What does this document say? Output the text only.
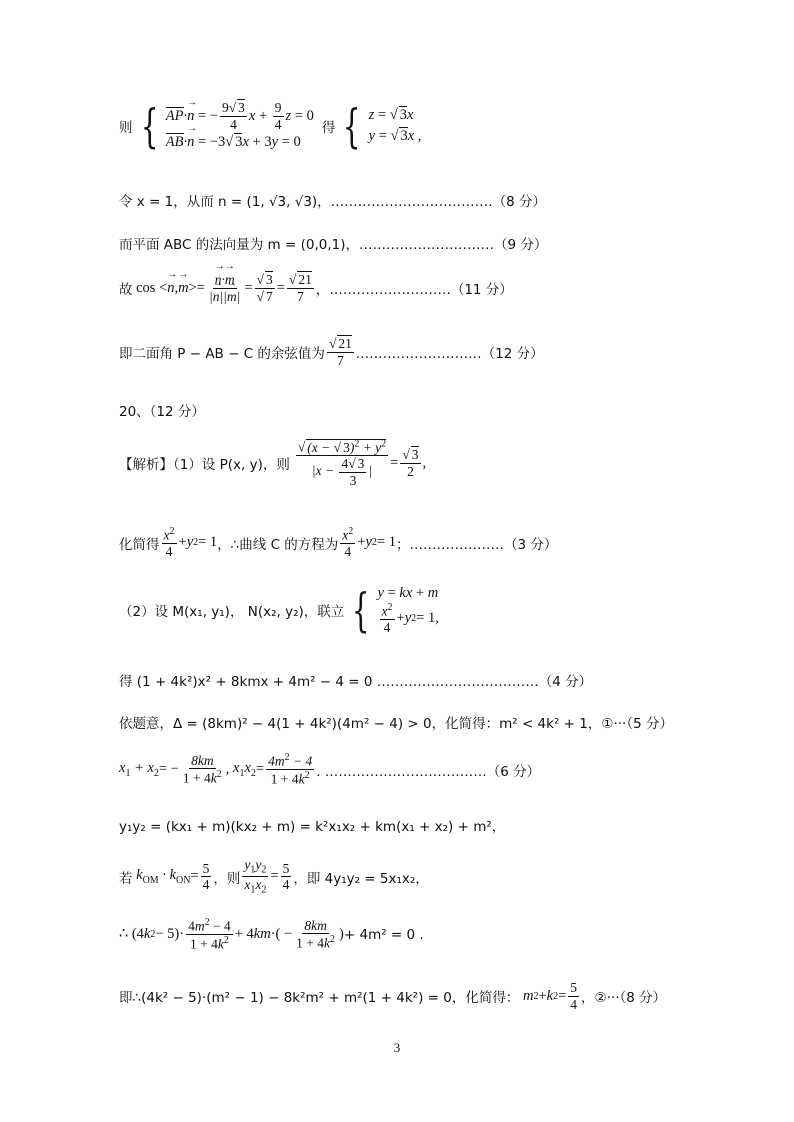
则 { AP · → n = − $\frac{9√ 3}{4}$ $x + \frac{9}{4}$ z = 0
AB·→ n = −3√ 3x + 3y = 0
得 { z = √ 3x
y = √ 3x ,
令 x = 1，从而 n = (1, √3, √3)，………………………………（8 分）
而平面 ABC 的法向量为 m = (0,0,1)，…………………………（9 分）
故 cos < → n , → m >= → $\frac{n\cdot\to m}{|\to n||\to m|} = \frac{√ 3}{√ 7} = \frac{√ 21}{7}$ ，………………………（11 分）
即二面角 P − AB − C 的余弦值为 $\frac{√ 21}{7}$ .………………………（12 分）
20、（12 分）
【解析】（1）设 P(x, y)，则 $\frac{√ (x - √ 3)^2 + y^2}{|x - \frac{4√ 3}{3} |} = \frac{√ 3}{2}$ ,
化简得 $\frac{x^2}{4} + y$ 2 = 1 ，∴曲线 C 的方程为 $\frac{x^2}{4} + y$ 2 = 1 ；…………………（3 分）
（2）设 M(x₁, y₁)， N(x₂, y₂)，联立 { y = kx + m
$\frac{x^2}{4} + y$ 2 = 1 ,
得 (1 + 4k²)x² + 8kmx + 4m² − 4 = 0 ………………………………（4 分）
依题意，Δ = (8km)² − 4(1 + 4k²)(4m² − 4) > 0，化简得：m² < 4k² + 1，①···（5 分）
$x_1 + x_2$ = − $\frac{8km}{1 + 4k^2}$ , $x_1x_2 = \frac{4m^2 - 4}{1 + 4k^2}$ . ………………………………（6 分）
y₁y₂ = (kx₁ + m)(kx₂ + m) = k²x₁x₂ + km(x₁ + x₂) + m²，
若 $k_{OM} \cdot k_{ON} = \frac{5}{4}$ ，则 $\frac{y_1y_2}{x_1x_2} = \frac{5}{4}$ ，即 4y₁y₂ = 5x₁x₂，
∴ (4 k $2 - 5)\cdot \frac{4m^2 - 4}{1 + 4k^2} + 4$ km ·( − $\frac{8km}{1 + 4k^2}$ ) + 4m² = 0 .
即∴(4k² − 5)·(m² − 1) − 8k²m² + m²(1 + 4k²) = 0，化简得： m 2 + k $2 = \frac{5}{4}$ ，②···（8 分）
3
